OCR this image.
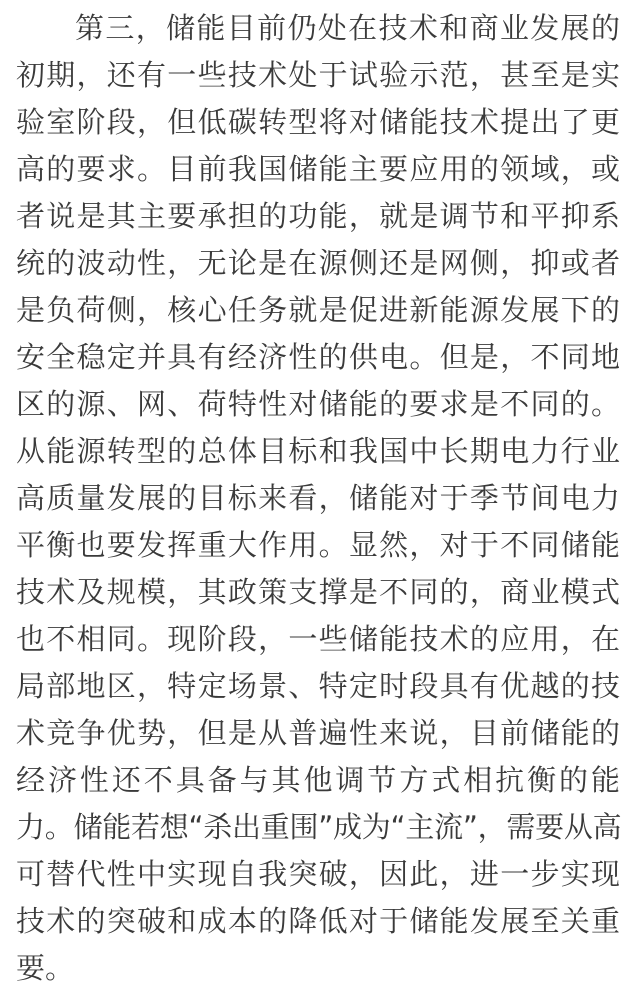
第三，储能目前仍处在技术和商业发展的
初期，还有一些技术处于试验示范，甚至是实
验室阶段，但低碳转型将对储能技术提出了更
高的要求。目前我国储能主要应用的领域，或
者说是其主要承担的功能，就是调节和平抑系
统的波动性，无论是在源侧还是网侧，抑或者
是负荷侧，核心任务就是促进新能源发展下的
安全稳定并具有经济性的供电。但是，不同地
区的源、网、荷特性对储能的要求是不同的。
从能源转型的总体目标和我国中长期电力行业
高质量发展的目标来看，储能对于季节间电力
平衡也要发挥重大作用。显然，对于不同储能
技术及规模，其政策支撑是不同的，商业模式
也不相同。现阶段，一些储能技术的应用，在
局部地区，特定场景、特定时段具有优越的技
术竞争优势，但是从普遍性来说，目前储能的
经济性还不具备与其他调节方式相抗衡的能
力。储能若想“杀出重围”成为“主流”，需要从高
可替代性中实现自我突破，因此，进一步实现
技术的突破和成本的降低对于储能发展至关重
要。
